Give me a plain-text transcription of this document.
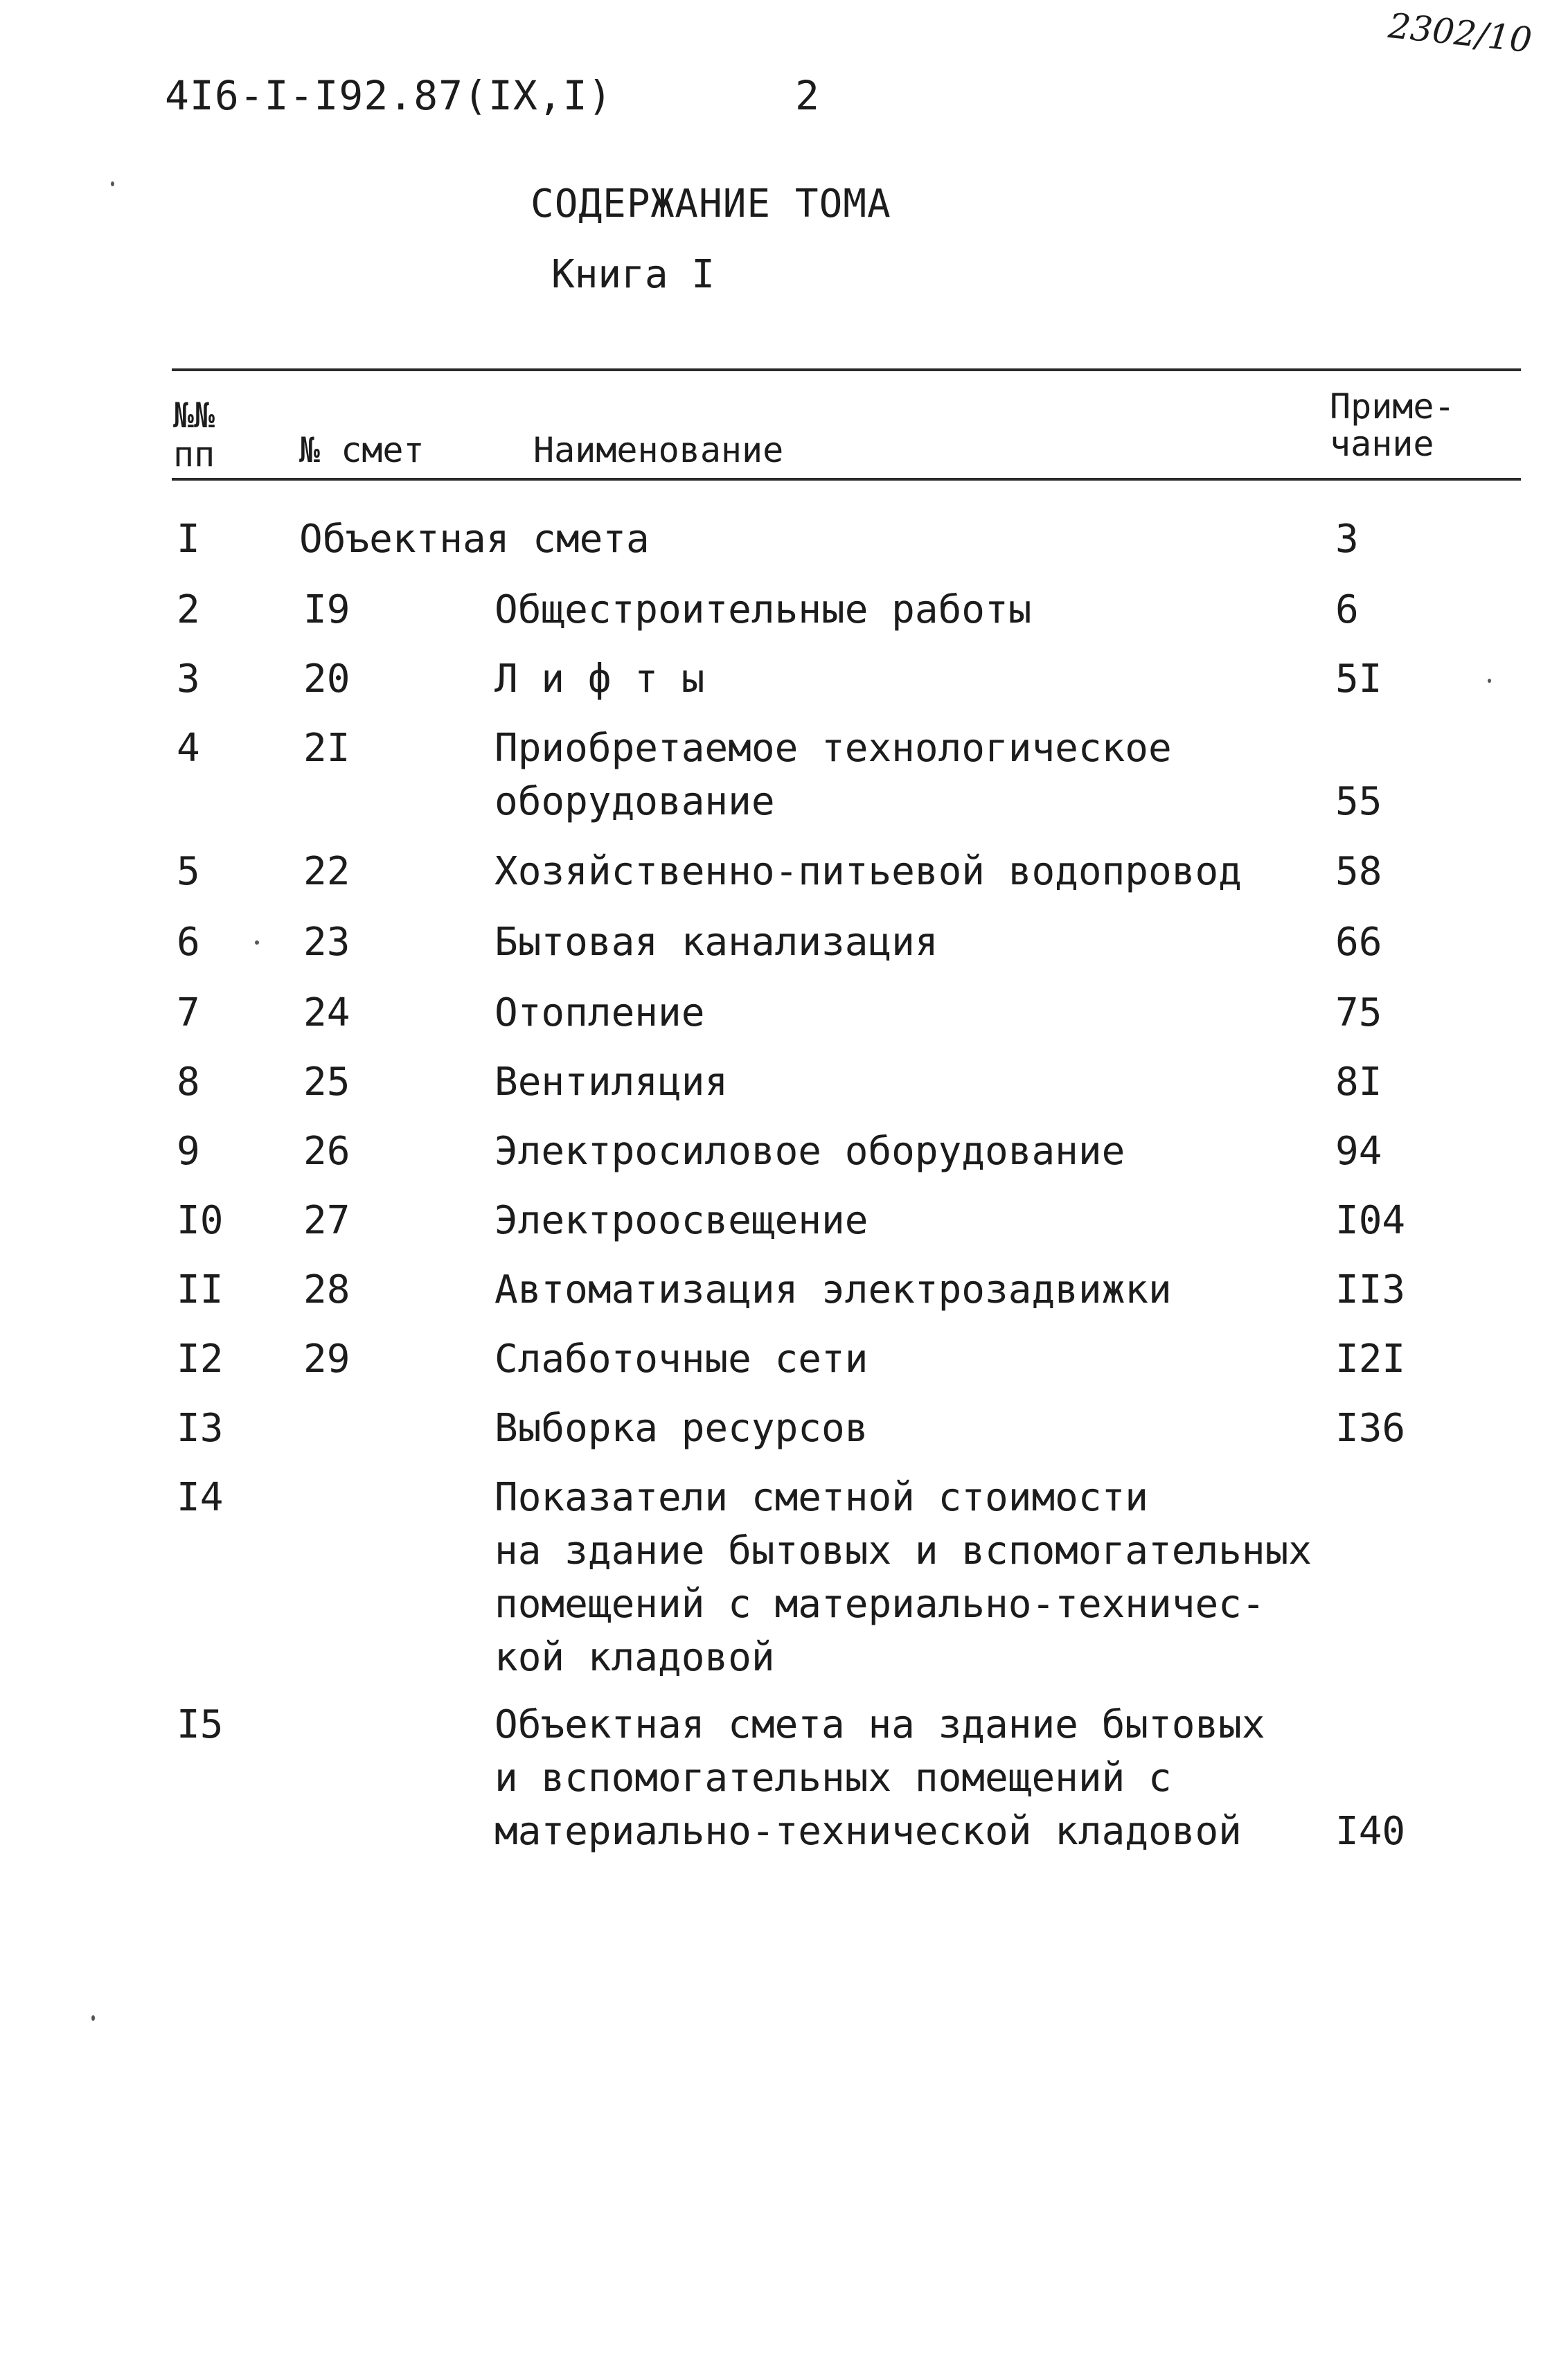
4I6-I-I92.87(IX,I)	2
2302/10
СОДЕРЖАНИЕ ТОМА
Книга I
№№ пп	№ смет	Наименование
Приме- чание
I	Объектная смета	3
2	I9	Общестроительные работы	6
3	20	Л и ф т ы	5I
4	2I	Приобретаемое технологическое
оборудование	55
5	22	Хозяйственно-питьевой водопровод 58
6	23	Бытовая канализация	66
7	24	Отопление	75
8	25	Вентиляция	8I
9	26	Электросиловое оборудование	94
I0 27	Электроосвещение	I04
II 28	Автоматизация электрозадвижки	II3
I2 29	Слаботочные сети	I2I
I3	Выборка ресурсов	I36
I4	Показатели сметной стоимости
на здание бытовых и вспомогательных
помещений с материально-техничес-
кой кладовой
I5	Объектная смета на здание бытовых
и вспомогательных помещений с
материально-технической кладовой	I40
